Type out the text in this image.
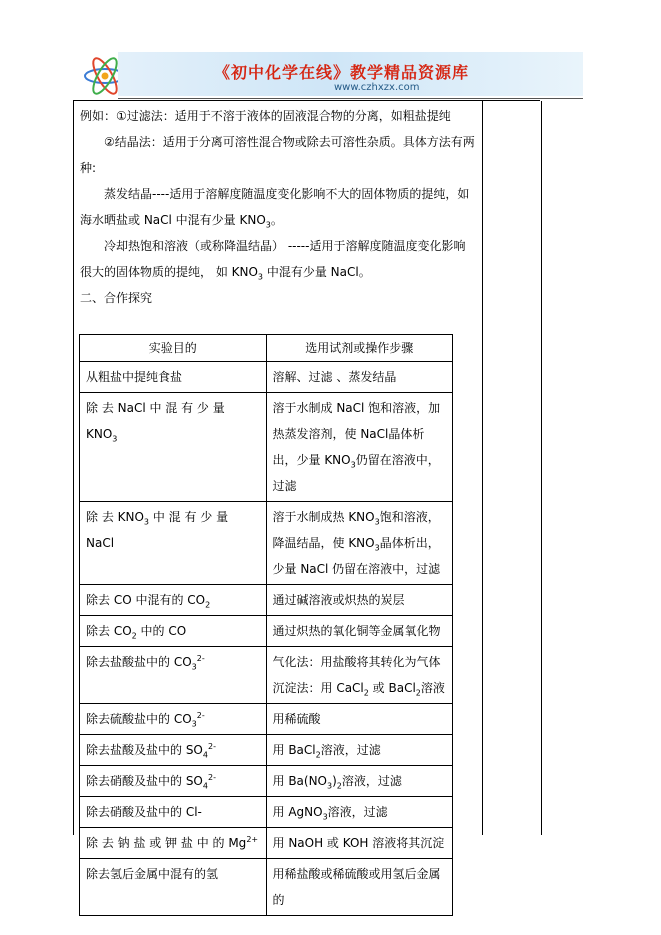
《初中化学在线》教学精品资源库
www.czhxzx.com

例如：①过滤法：适用于不溶于液体的固液混合物的分离，如粗盐提纯

②结晶法：适用于分离可溶性混合物或除去可溶性杂质。具体方法有两种:

蒸发结晶----适用于溶解度随温度变化影响不大的固体物质的提纯，如海水晒盐或 NaCl 中混有少量 $KNO_3$。

冷却热饱和溶液（或称降温结晶） -----适用于溶解度随温度变化影响很大的固体物质的提纯， 如 $KNO_3$ 中混有少量 NaCl。

二、合作探究

实验目的	选用试剂或操作步骤
从粗盐中提纯食盐	溶解、过滤 、蒸发结晶
除 去 NaCl 中 混 有 少 量 $KNO_3$	溶于水制成 NaCl 饱和溶液，加热蒸发溶剂，使 NaCl晶体析出，少量 $KNO_3$仍留在溶液中，过滤
除 去 $KNO_3$ 中 混 有 少 量 NaCl	溶于水制成热 $KNO_3$饱和溶液，降温结晶，使 $KNO_3$晶体析出，少量 NaCl 仍留在溶液中，过滤
除去 CO 中混有的 $CO_2$	通过碱溶液或炽热的炭层
除去 $CO_2$ 中的 CO	通过炽热的氧化铜等金属氧化物
除去盐酸盐中的 $CO_3^{2-}$	气化法：用盐酸将其转化为气体
沉淀法：用 CaCl$_2$ 或 BaCl$_2$溶液

除去硫酸盐中的 $CO_3^{2-}$	用稀硫酸
除去盐酸及盐中的 $SO_4^{2-}$	用 BaCl$_2$溶液，过滤
除去硝酸及盐中的 $SO_4^{2-}$	用 $Ba(NO_3)_2$溶液，过滤
除去硝酸及盐中的 Cl-	用 AgNO$_3$溶液，过滤
除 去 钠 盐 或 钾 盐 中 的 $Mg^{2+}$	用 NaOH 或 KOH 溶液将其沉淀
除去氢后金属中混有的氢	用稀盐酸或稀硫酸或用氢后金属的
